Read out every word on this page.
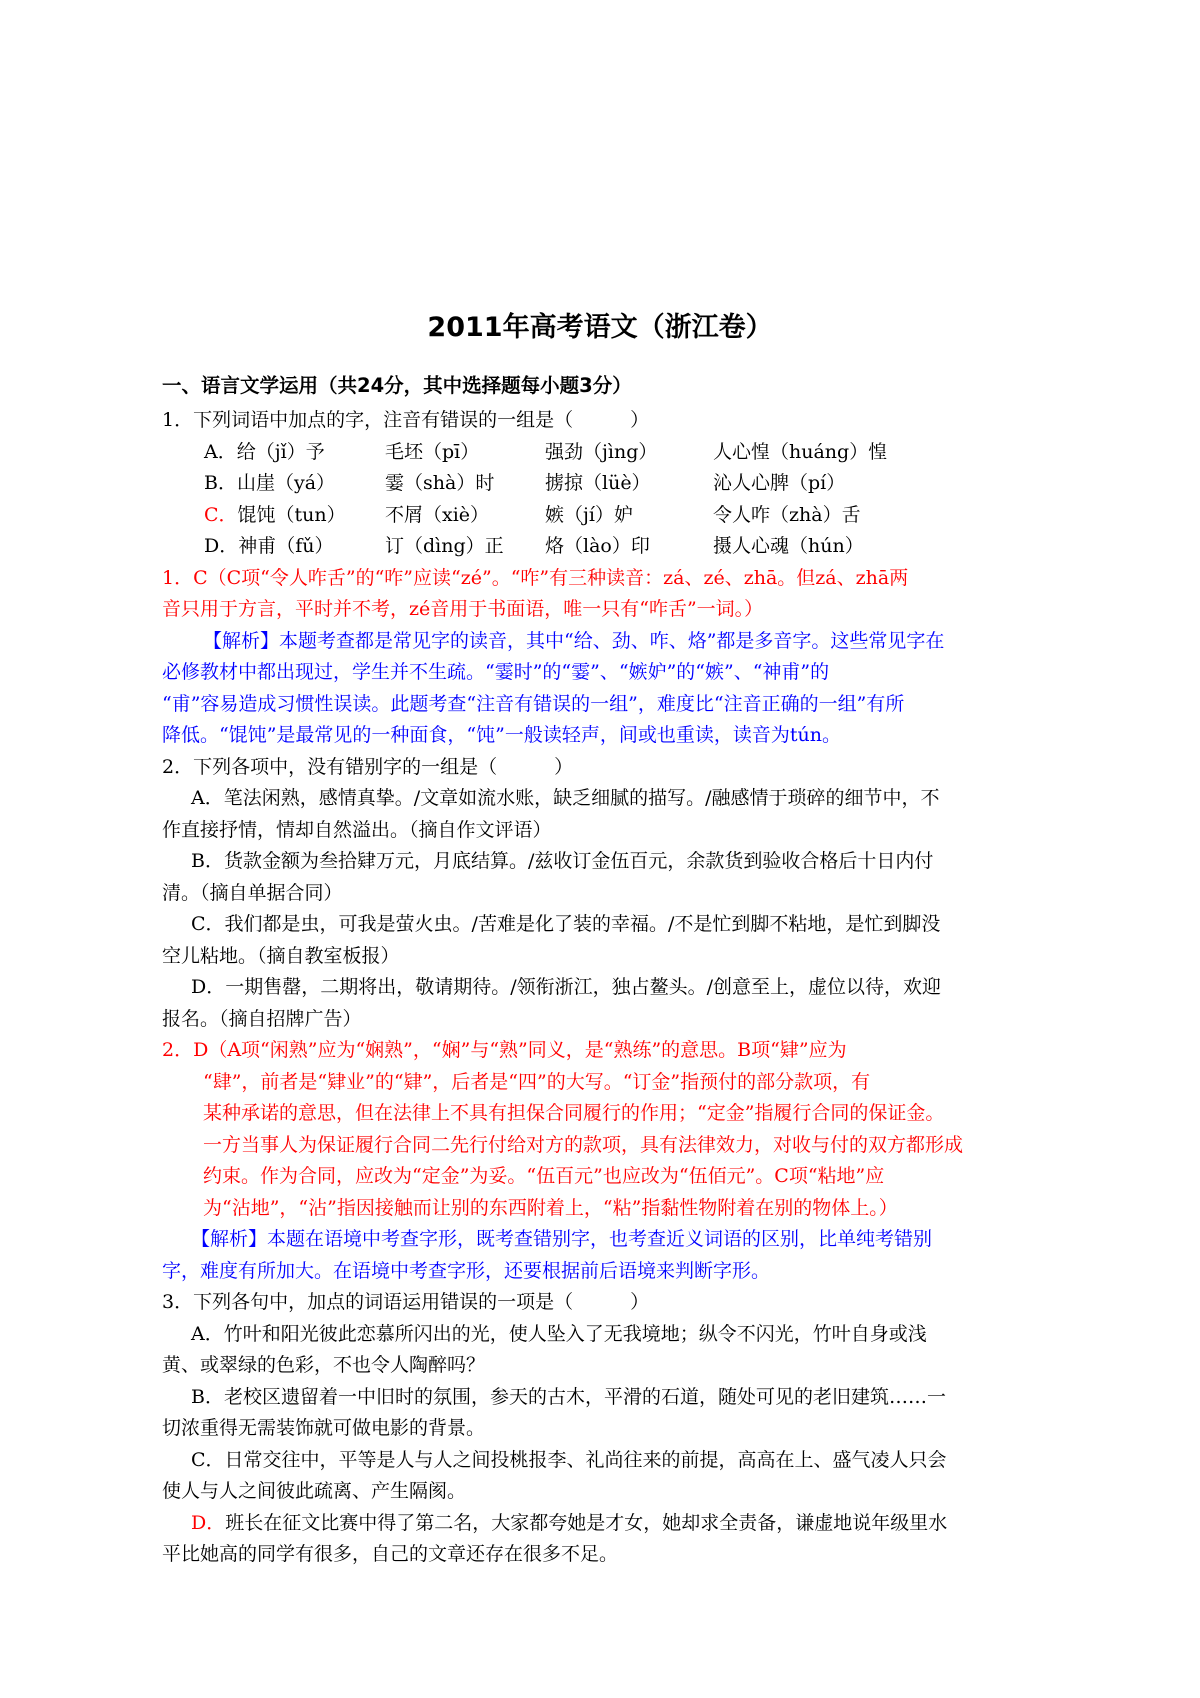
2011年高考语文（浙江卷）
一、语言文学运用（共24分，其中选择题每小题3分）
1．下列词语中加点的字，注音有错误的一组是（　　　）
A．给（jǐ）予	毛坯（pī）	强劲（jìng）	人心惶（huáng）惶
B．山崖（yá）	霎（shà）时	掳掠（lüè）	沁人心脾（pí）
C．馄饨（tun） 不屑（xiè）	嫉（jí）妒	令人咋（zhà）舌
D．神甫（fǔ）	订（dìng）正 烙（lào）印	摄人心魂（hún）
1．C（C项“令人咋舌”的“咋”应读“zé”。“咋”有三种读音：zá、zé、zhā。但zá、zhā两
音只用于方言，平时并不考，zé音用于书面语，唯一只有“咋舌”一词。）
【解析】本题考查都是常见字的读音，其中“给、劲、咋、烙”都是多音字。这些常见字在
必修教材中都出现过，学生并不生疏。“霎时”的“霎”、“嫉妒”的“嫉”、“神甫”的
“甫”容易造成习惯性误读。此题考查“注音有错误的一组”，难度比“注音正确的一组”有所
降低。“馄饨”是最常见的一种面食，“饨”一般读轻声，间或也重读，读音为tún。
2．下列各项中，没有错别字的一组是（　　　）
A．笔法闲熟，感情真挚。/文章如流水账，缺乏细腻的描写。/融感情于琐碎的细节中，不
作直接抒情，情却自然溢出。（摘自作文评语）
B．货款金额为叁拾肄万元，月底结算。/兹收订金伍百元，余款货到验收合格后十日内付
清。（摘自单据合同）
C．我们都是虫，可我是萤火虫。/苦难是化了装的幸福。/不是忙到脚不粘地，是忙到脚没
空儿粘地。（摘自教室板报）
D．一期售罄，二期将出，敬请期待。/领衔浙江，独占鳌头。/创意至上，虚位以待，欢迎
报名。（摘自招牌广告）
2．D（A项“闲熟”应为“娴熟”，“娴”与“熟”同义，是“熟练”的意思。B项“肄”应为
“肆”，前者是“肄业”的“肄”，后者是“四”的大写。“订金”指预付的部分款项，有
某种承诺的意思，但在法律上不具有担保合同履行的作用；“定金”指履行合同的保证金。
一方当事人为保证履行合同二先行付给对方的款项，具有法律效力，对收与付的双方都形成
约束。作为合同，应改为“定金”为妥。“伍百元”也应改为“伍佰元”。C项“粘地”应
为“沾地”，“沾”指因接触而让别的东西附着上，“粘”指黏性物附着在别的物体上。）
【解析】本题在语境中考查字形，既考查错别字，也考查近义词语的区别，比单纯考错别
字，难度有所加大。在语境中考查字形，还要根据前后语境来判断字形。
3．下列各句中，加点的词语运用错误的一项是（　　　）
A．竹叶和阳光彼此恋慕所闪出的光，使人坠入了无我境地；纵令不闪光，竹叶自身或浅
黄、或翠绿的色彩，不也令人陶醉吗？
B．老校区遗留着一中旧时的氛围，参天的古木，平滑的石道，随处可见的老旧建筑……一
切浓重得无需装饰就可做电影的背景。
C．日常交往中，平等是人与人之间投桃报李、礼尚往来的前提，高高在上、盛气凌人只会
使人与人之间彼此疏离、产生隔阂。
D．班长在征文比赛中得了第二名，大家都夸她是才女，她却求全责备，谦虚地说年级里水
平比她高的同学有很多，自己的文章还存在很多不足。
